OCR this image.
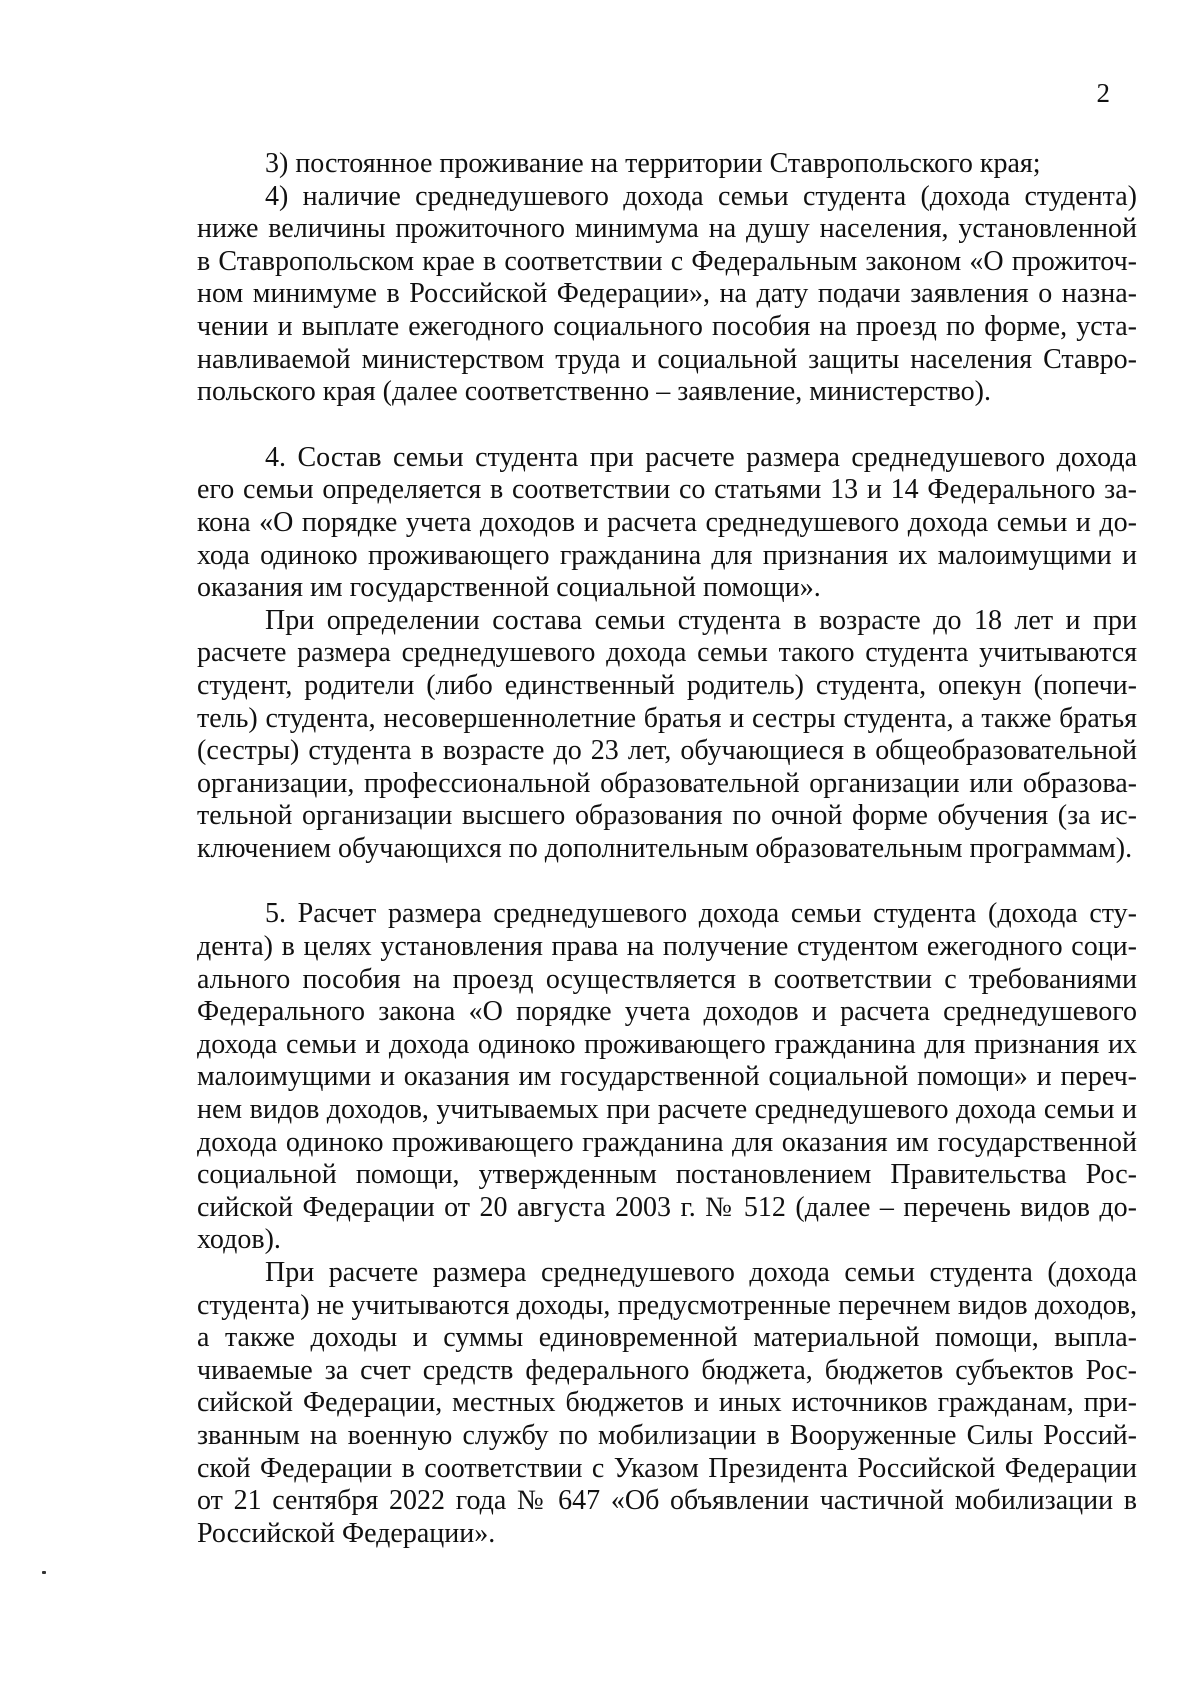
2

3) постоянное проживание на территории Ставропольского края;

4) наличие среднедушевого дохода семьи студента (дохода студента) ниже величины прожиточного минимума на душу населения, установленной в Ставропольском крае в соответствии с Федеральным законом «О прожиточном минимуме в Российской Федерации», на дату подачи заявления о назначении и выплате ежегодного социального пособия на проезд по форме, устанавливаемой министерством труда и социальной защиты населения Ставропольского края (далее соответственно – заявление, министерство).

4. Состав семьи студента при расчете размера среднедушевого дохода его семьи определяется в соответствии со статьями 13 и 14 Федерального закона «О порядке учета доходов и расчета среднедушевого дохода семьи и дохода одиноко проживающего гражданина для признания их малоимущими и оказания им государственной социальной помощи».

При определении состава семьи студента в возрасте до 18 лет и при расчете размера среднедушевого дохода семьи такого студента учитываются студент, родители (либо единственный родитель) студента, опекун (попечитель) студента, несовершеннолетние братья и сестры студента, а также братья (сестры) студента в возрасте до 23 лет, обучающиеся в общеобразовательной организации, профессиональной образовательной организации или образовательной организации высшего образования по очной форме обучения (за исключением обучающихся по дополнительным образовательным программам).

5. Расчет размера среднедушевого дохода семьи студента (дохода студента) в целях установления права на получение студентом ежегодного социального пособия на проезд осуществляется в соответствии с требованиями Федерального закона «О порядке учета доходов и расчета среднедушевого дохода семьи и дохода одиноко проживающего гражданина для признания их малоимущими и оказания им государственной социальной помощи» и перечнем видов доходов, учитываемых при расчете среднедушевого дохода семьи и дохода одиноко проживающего гражданина для оказания им государственной социальной помощи, утвержденным постановлением Правительства Российской Федерации от 20 августа 2003 г. № 512 (далее – перечень видов доходов).

При расчете размера среднедушевого дохода семьи студента (дохода студента) не учитываются доходы, предусмотренные перечнем видов доходов, а также доходы и суммы единовременной материальной помощи, выплачиваемые за счет средств федерального бюджета, бюджетов субъектов Российской Федерации, местных бюджетов и иных источников гражданам, призванным на военную службу по мобилизации в Вооруженные Силы Российской Федерации в соответствии с Указом Президента Российской Федерации от 21 сентября 2022 года № 647 «Об объявлении частичной мобилизации в Российской Федерации».
